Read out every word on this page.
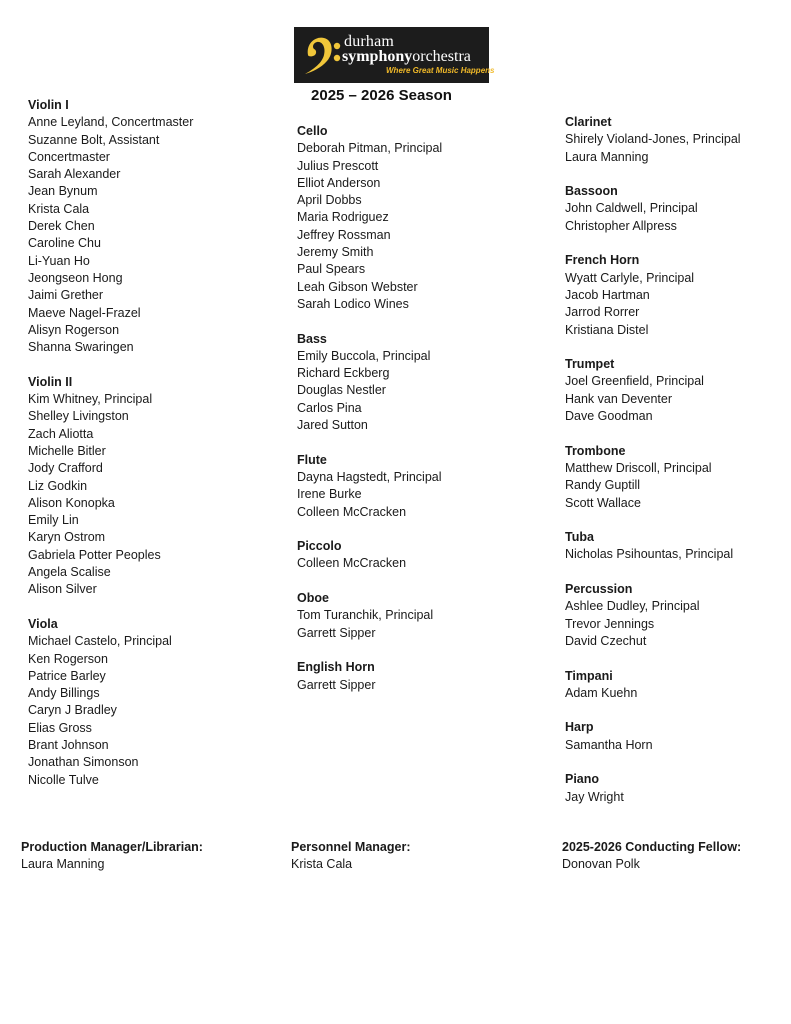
durham
symphonyorchestra
Where Great Music Happens
2025 – 2026 Season
Violin I
Anne Leyland, Concertmaster
Suzanne Bolt, Assistant
Concertmaster
Sarah Alexander
Jean Bynum
Krista Cala
Derek Chen
Caroline Chu
Li-Yuan Ho
Jeongseon Hong
Jaimi Grether
Maeve Nagel-Frazel
Alisyn Rogerson
Shanna Swaringen
Violin II
Kim Whitney, Principal
Shelley Livingston
Zach Aliotta
Michelle Bitler
Jody Crafford
Liz Godkin
Alison Konopka
Emily Lin
Karyn Ostrom
Gabriela Potter Peoples
Angela Scalise
Alison Silver
Viola
Michael Castelo, Principal
Ken Rogerson
Patrice Barley
Andy Billings
Caryn J Bradley
Elias Gross
Brant Johnson
Jonathan Simonson
Nicolle Tulve
Cello
Deborah Pitman, Principal
Julius Prescott
Elliot Anderson
April Dobbs
Maria Rodriguez
Jeffrey Rossman
Jeremy Smith
Paul Spears
Leah Gibson Webster
Sarah Lodico Wines
Bass
Emily Buccola, Principal
Richard Eckberg
Douglas Nestler
Carlos Pina
Jared Sutton
Flute
Dayna Hagstedt, Principal
Irene Burke
Colleen McCracken
Piccolo
Colleen McCracken
Oboe
Tom Turanchik, Principal
Garrett Sipper
English Horn
Garrett Sipper
Clarinet
Shirely Violand-Jones, Principal
Laura Manning
Bassoon
John Caldwell, Principal
Christopher Allpress
French Horn
Wyatt Carlyle, Principal
Jacob Hartman
Jarrod Rorrer
Kristiana Distel
Trumpet
Joel Greenfield, Principal
Hank van Deventer
Dave Goodman
Trombone
Matthew Driscoll, Principal
Randy Guptill
Scott Wallace
Tuba
Nicholas Psihountas, Principal
Percussion
Ashlee Dudley, Principal
Trevor Jennings
David Czechut
Timpani
Adam Kuehn
Harp
Samantha Horn
Piano
Jay Wright
Production Manager/Librarian:
Laura Manning
Personnel Manager:
Krista Cala
2025-2026 Conducting Fellow:
Donovan Polk
